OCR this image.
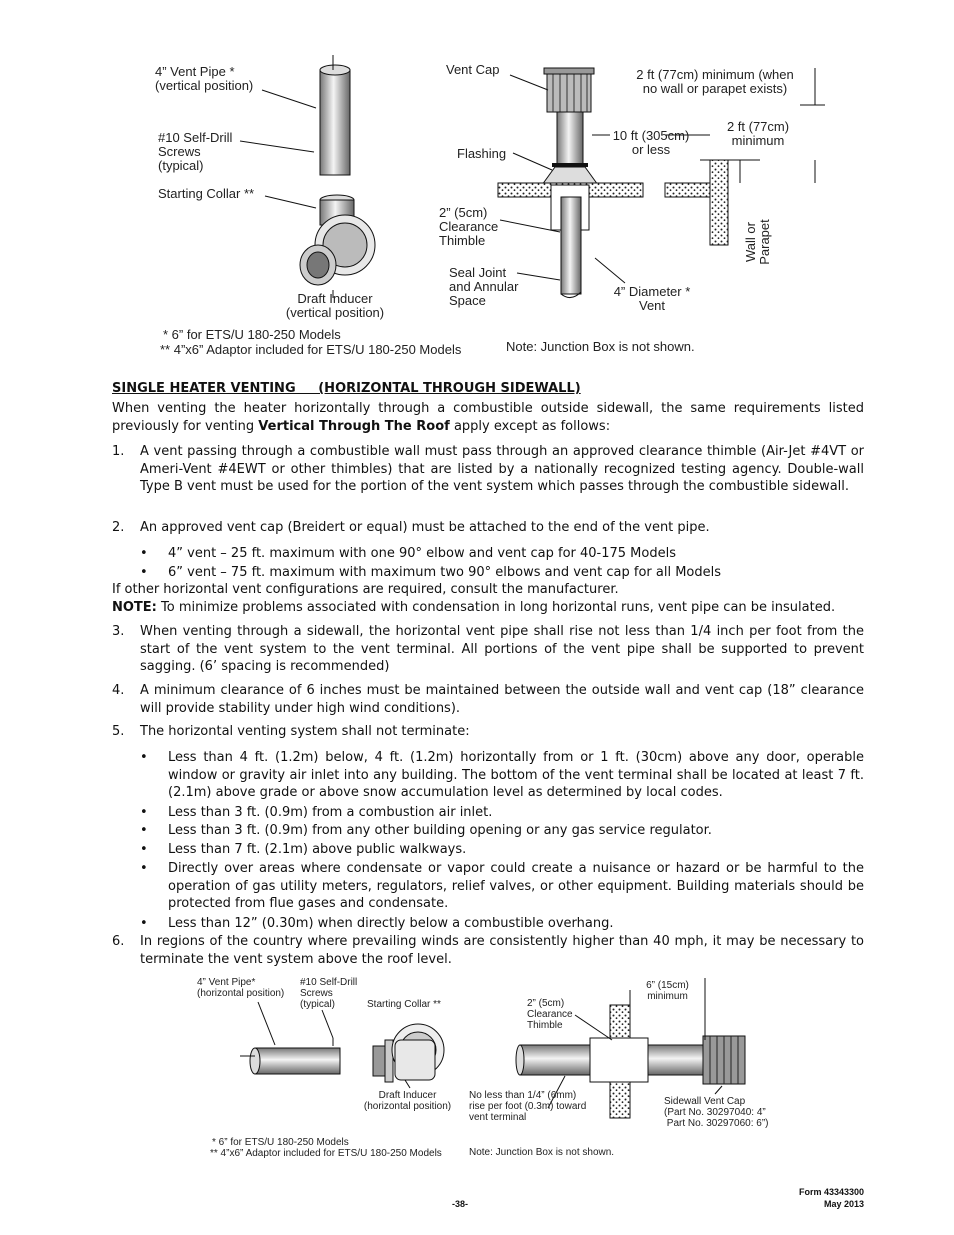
4” Vent Pipe *
(vertical position)
#10 Self-Drill
Screws
(typical)
Starting Collar **
Draft Inducer
(vertical position)
* 6” for ETS/U 180-250 Models
** 4”x6” Adaptor included for ETS/U 180-250 Models
Vent Cap
Flashing
2” (5cm)
Clearance
Thimble
Seal Joint
and Annular
Space
4” Diameter *
Vent
10 ft (305cm)
or less
2 ft (77cm) minimum (when
no wall or parapet exists)
2 ft (77cm)
minimum
Wall or
Parapet
Note: Junction Box is not shown.
SINGLE HEATER VENTING     (HORIZONTAL THROUGH SIDEWALL)
When venting the heater horizontally through a combustible outside sidewall, the same requirements listed previously for venting Vertical Through The Roof apply except as follows:
1. A vent passing through a combustible wall must pass through an approved clearance thimble (Air-Jet #4VT or Ameri-Vent #4EWT or other thimbles) that are listed by a nationally recognized testing agency. Double-wall Type B vent must be used for the portion of the vent system which passes through the combustible sidewall.
2. An approved vent cap (Breidert or equal) must be attached to the end of the vent pipe.
• 4” vent – 25 ft. maximum with one 90° elbow and vent cap for 40-175 Models
• 6” vent – 75 ft. maximum with maximum two 90° elbows and vent cap for all Models
If other horizontal vent configurations are required, consult the manufacturer.
NOTE: To minimize problems associated with condensation in long horizontal runs, vent pipe can be insulated.
3. When venting through a sidewall, the horizontal vent pipe shall rise not less than 1/4 inch per foot from the start of the vent system to the vent terminal. All portions of the vent pipe shall be supported to prevent sagging. (6’ spacing is recommended)
4. A minimum clearance of 6 inches must be maintained between the outside wall and vent cap (18” clearance will provide stability under high wind conditions).
5. The horizontal venting system shall not terminate:
• Less than 4 ft. (1.2m) below, 4 ft. (1.2m) horizontally from or 1 ft. (30cm) above any door, operable window or gravity air inlet into any building. The bottom of the vent terminal shall be located at least 7 ft. (2.1m) above grade or above snow accumulation level as determined by local codes.
• Less than 3 ft. (0.9m) from a combustion air inlet.
• Less than 3 ft. (0.9m) from any other building opening or any gas service regulator.
• Less than 7 ft. (2.1m) above public walkways.
• Directly over areas where condensate or vapor could create a nuisance or hazard or be harmful to the operation of gas utility meters, regulators, relief valves, or other equipment. Building materials should be protected from flue gases and condensate.
• Less than 12” (0.30m) when directly below a combustible overhang.
6. In regions of the country where prevailing winds are consistently higher than 40 mph, it may be necessary to terminate the vent system above the roof level.
4” Vent Pipe*
(horizontal position)
#10 Self-Drill
Screws
(typical)	Starting Collar **
Draft Inducer
(horizontal position)
2” (5cm)
Clearance
Thimble
6” (15cm)
minimum
No less than 1/4” (6mm)
rise per foot (0.3m) toward
vent terminal
Sidewall Vent Cap
(Part No. 30297040: 4”
Part No. 30297060: 6”)
* 6” for ETS/U 180-250 Models
** 4”x6” Adaptor included for ETS/U 180-250 Models	Note: Junction Box is not shown.
-38-
Form 43343300
May 2013
